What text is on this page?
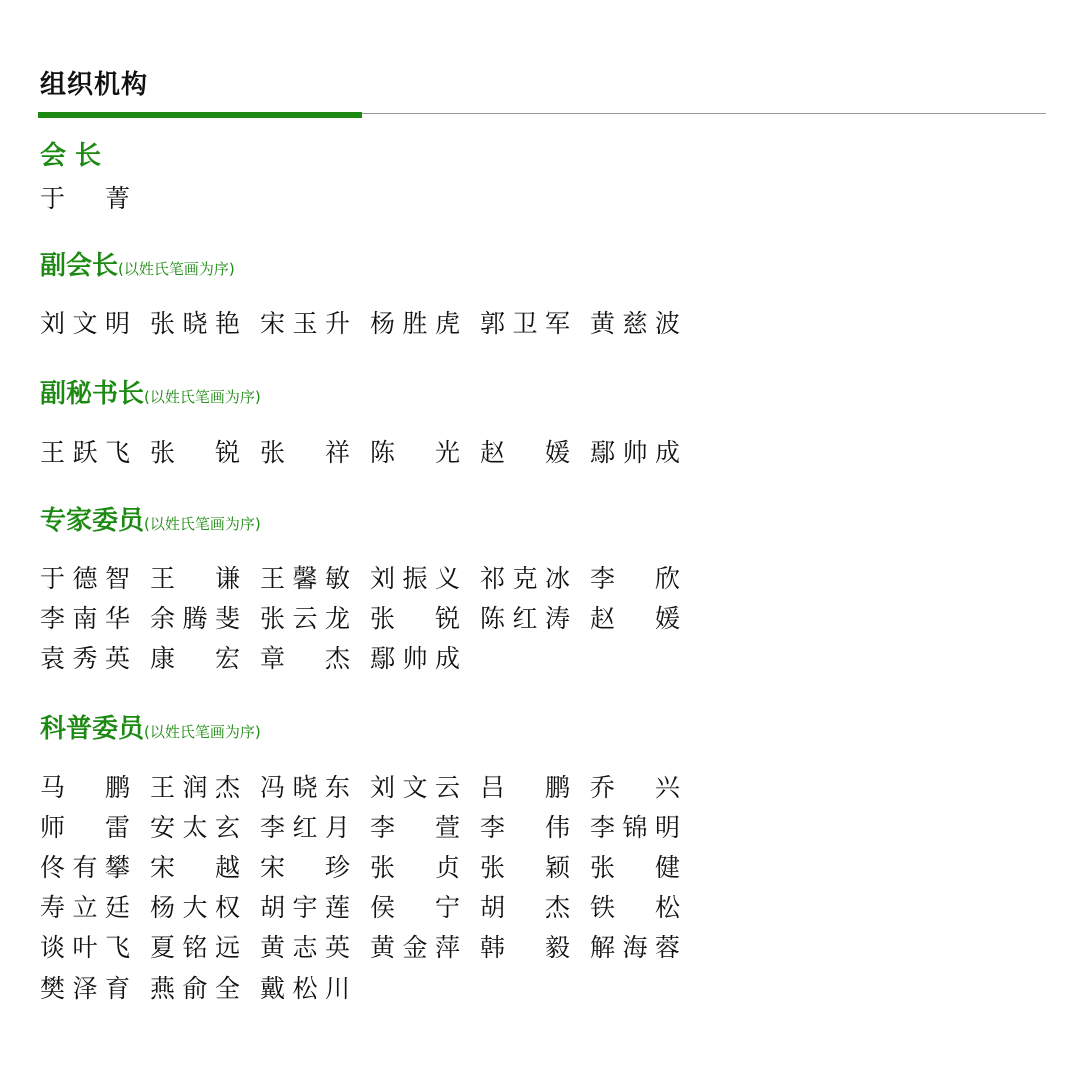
组织机构
会 长
于 菁
副会长(以姓氏笔画为序)
刘 文 明 张 晓 艳 宋 玉 升 杨 胜 虎 郭 卫 军 黄 慈 波
副秘书长(以姓氏笔画为序)
王 跃 飞 张 锐 张 祥 陈 光 赵 媛 鄢 帅 成
专家委员(以姓氏笔画为序)
于 德 智 王 谦 王 馨 敏 刘 振 义 祁 克 冰 李 欣
李 南 华 余 腾 斐 张 云 龙 张 锐 陈 红 涛 赵 媛
袁 秀 英 康 宏 章 杰 鄢 帅 成
科普委员(以姓氏笔画为序)
马 鹏 王 润 杰 冯 晓 东 刘 文 云 吕 鹏 乔 兴
师 雷 安 太 玄 李 红 月 李 萱 李 伟 李 锦 明
佟 有 攀 宋 越 宋 珍 张 贞 张 颖 张 健
寿 立 廷 杨 大 权 胡 宇 莲 侯 宁 胡 杰 铁 松
谈 叶 飞 夏 铭 远 黄 志 英 黄 金 萍 韩 毅 解 海 蓉
樊 泽 育 燕 俞 全 戴 松 川
